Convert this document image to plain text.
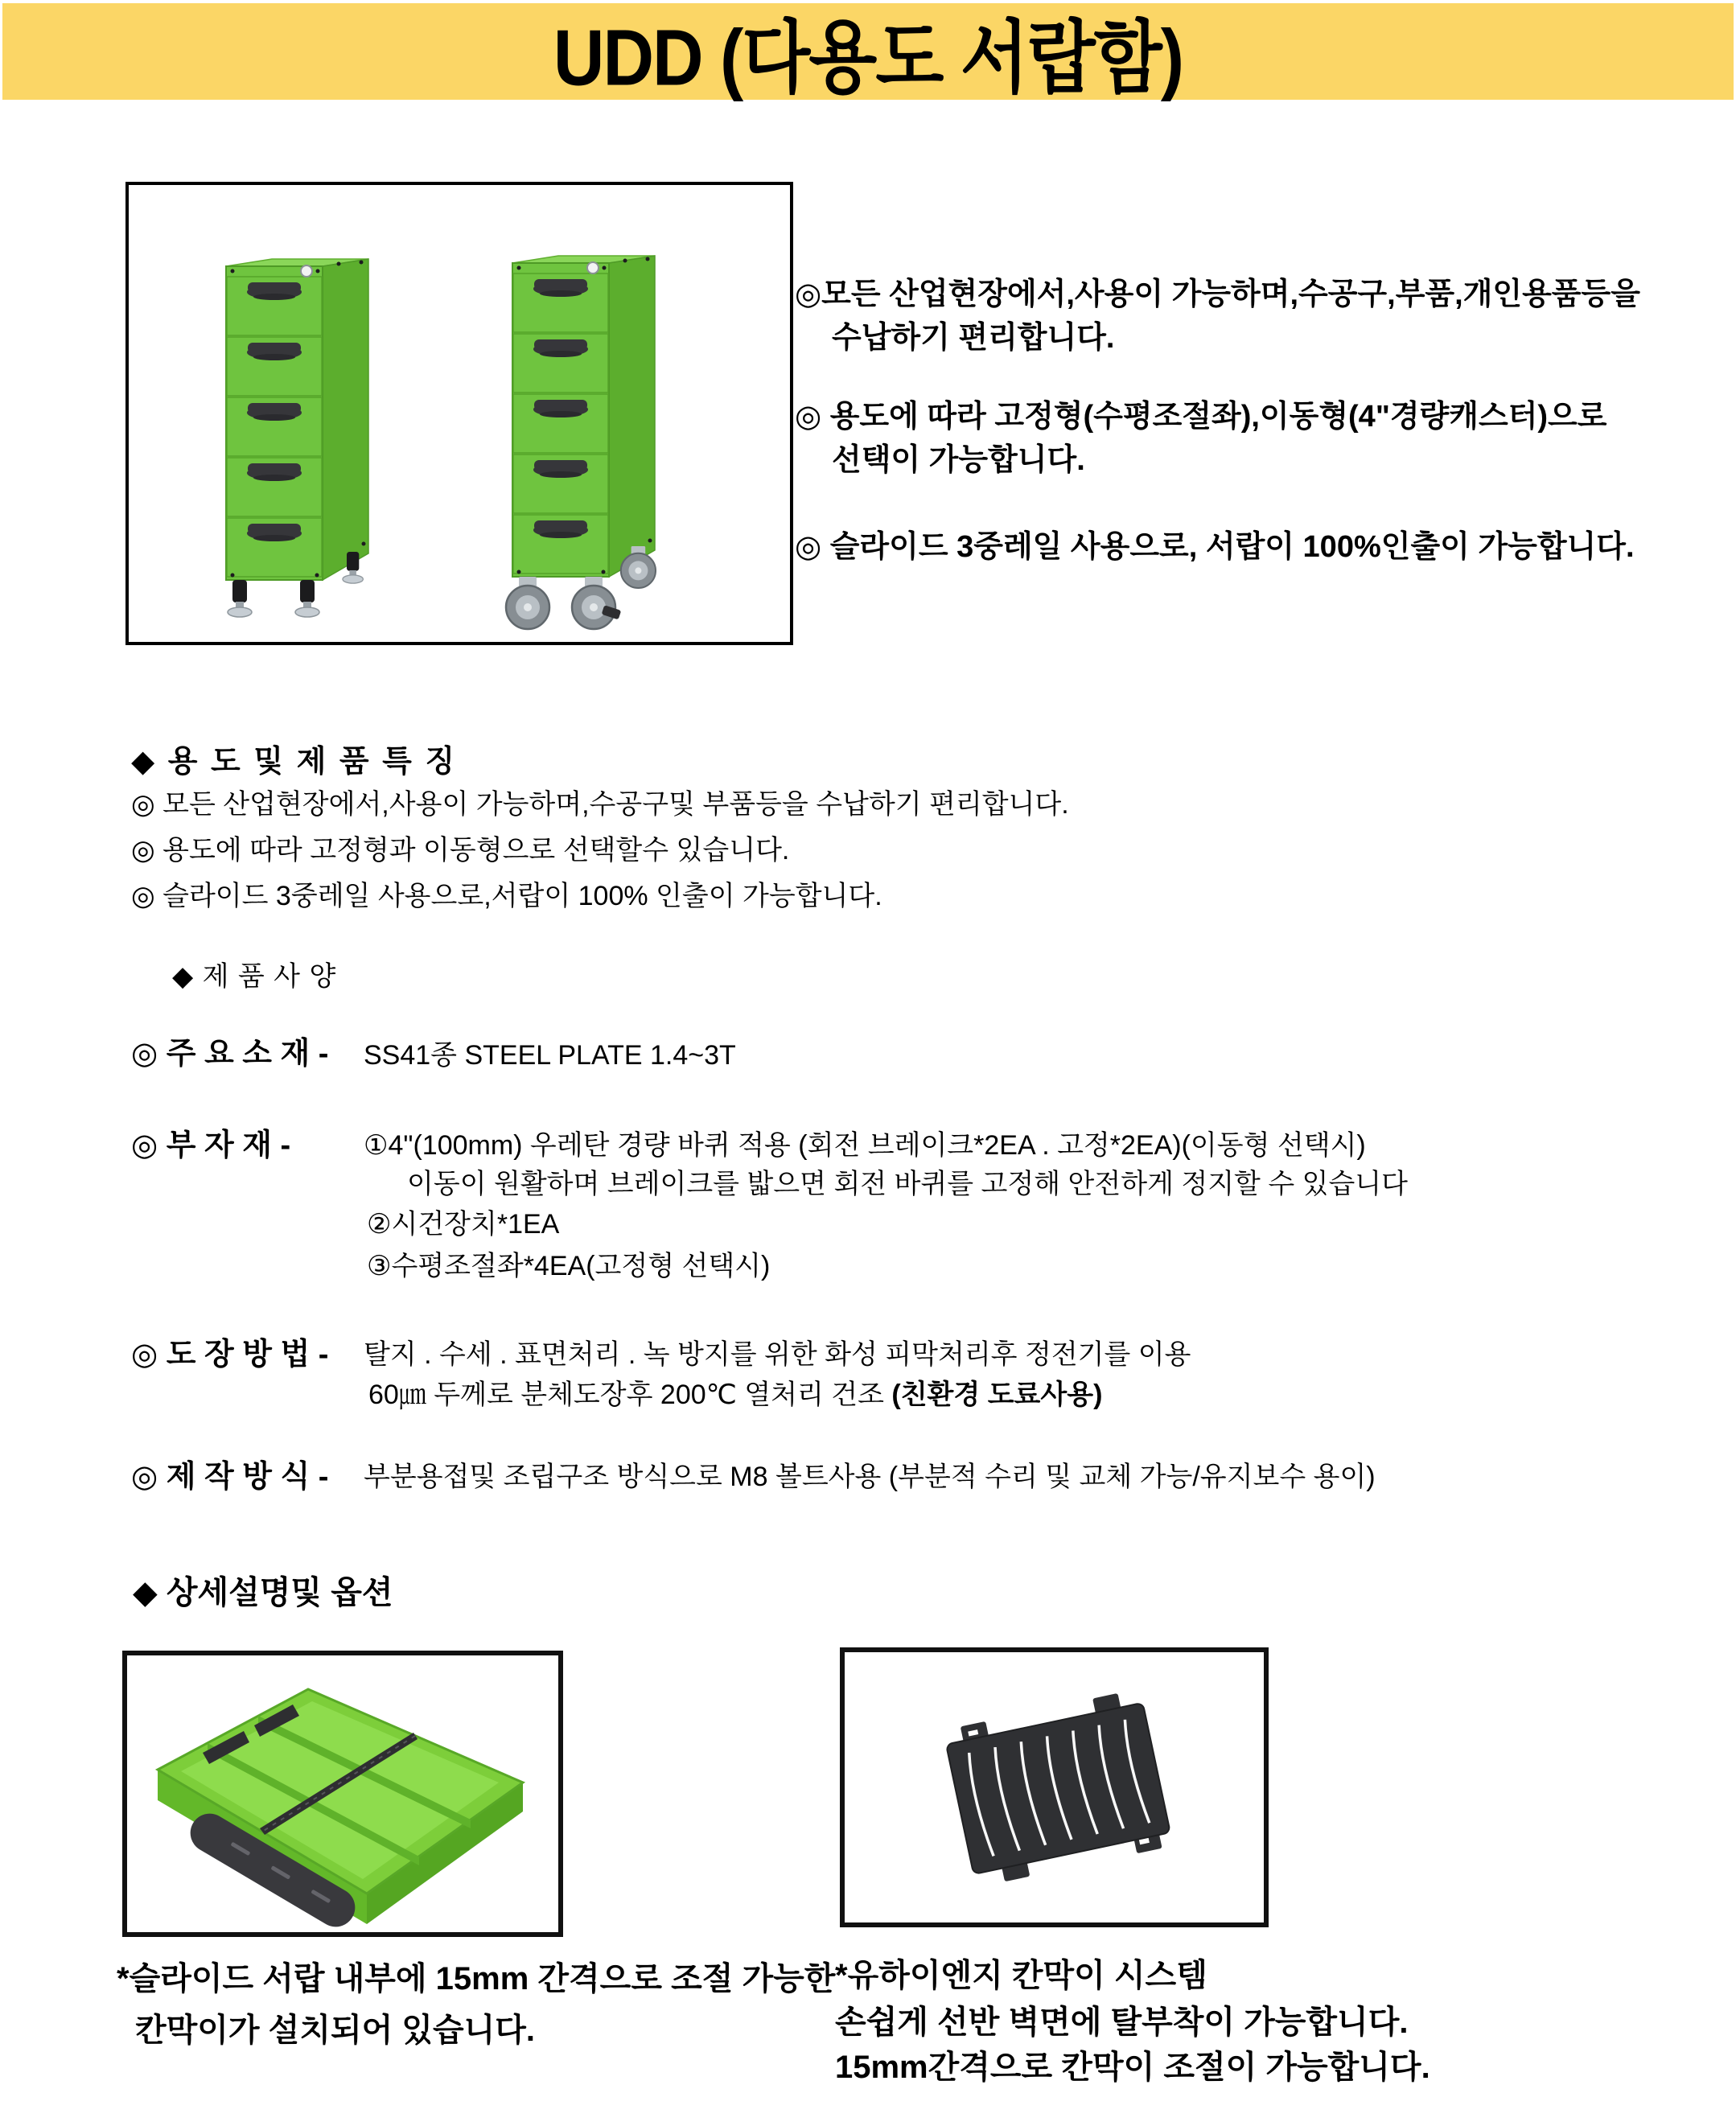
UDD (다용도 서랍함)
◎모든 산업현장에서,사용이 가능하며,수공구,부품,개인용품등을
수납하기 편리합니다.
◎ 용도에 따라 고정형(수평조절좌),이동형(4"경량캐스터)으로
선택이 가능합니다.
◎ 슬라이드 3중레일 사용으로, 서랍이 100%인출이 가능합니다.
◆ 용 도 및 제 품 특 징
◎ 모든 산업현장에서,사용이 가능하며,수공구및 부품등을 수납하기 편리합니다.
◎ 용도에 따라 고정형과 이동형으로 선택할수 있습니다.
◎ 슬라이드 3중레일 사용으로,서랍이 100% 인출이 가능합니다.
◆ 제 품 사 양
◎ 주 요 소 재 - SS41종 STEEL PLATE 1.4~3T
◎ 부 자 재 -	①4"(100mm) 우레탄 경량 바퀴 적용 (회전 브레이크*2EA . 고정*2EA)(이동형 선택시)
이동이 원활하며 브레이크를 밟으면 회전 바퀴를 고정해 안전하게 정지할 수 있습니다
②시건장치*1EA
③수평조절좌*4EA(고정형 선택시)
◎ 도 장 방 법 - 탈지 . 수세 . 표면처리 . 녹 방지를 위한 화성 피막처리후 정전기를 이용
60㎛ 두께로 분체도장후 200℃ 열처리 건조 (친환경 도료사용)
◎ 제 작 방 식 - 부분용접및 조립구조 방식으로 M8 볼트사용 (부분적 수리 및 교체 가능/유지보수 용이)
◆ 상세설명및 옵션
*슬라이드 서랍 내부에 15mm 간격으로 조절 가능한
칸막이가 설치되어 있습니다.
*유하이엔지 칸막이 시스템
손쉽게 선반 벽면에 탈부착이 가능합니다.
15mm간격으로 칸막이 조절이 가능합니다.
